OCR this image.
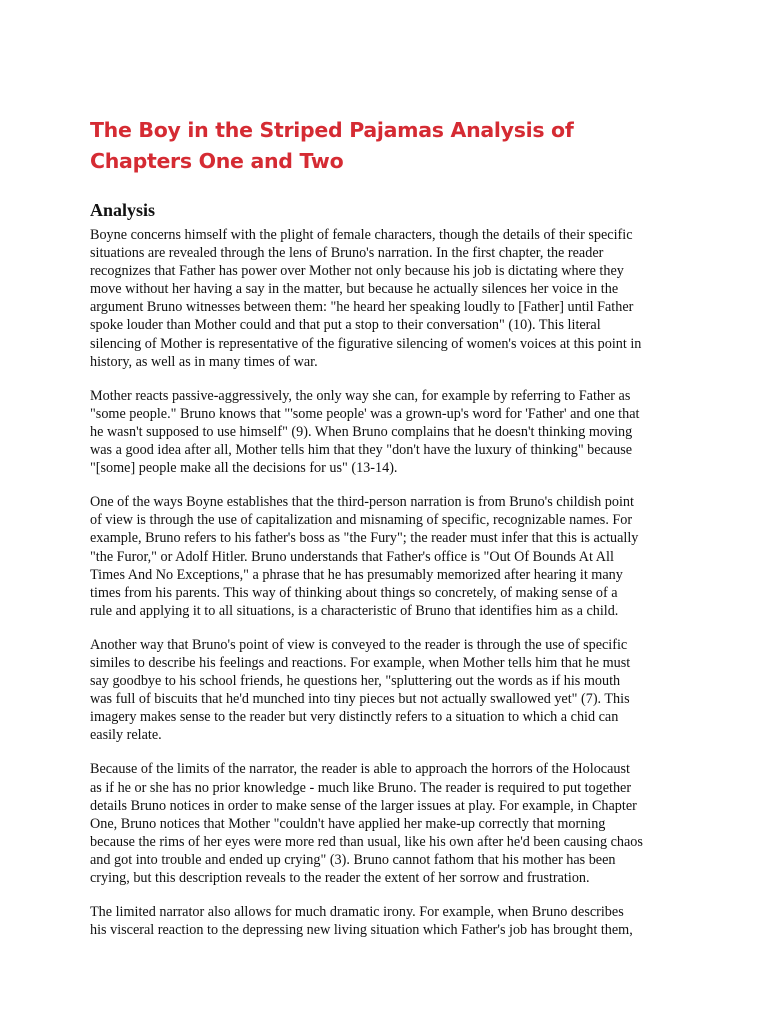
The Boy in the Striped Pajamas Analysis of Chapters One and Two
Analysis

Boyne concerns himself with the plight of female characters, though the details of their specific
situations are revealed through the lens of Bruno's narration. In the first chapter, the reader
recognizes that Father has power over Mother not only because his job is dictating where they
move without her having a say in the matter, but because he actually silences her voice in the
argument Bruno witnesses between them: "he heard her speaking loudly to [Father] until Father
spoke louder than Mother could and that put a stop to their conversation" (10). This literal
silencing of Mother is representative of the figurative silencing of women's voices at this point in
history, as well as in many times of war.

Mother reacts passive-aggressively, the only way she can, for example by referring to Father as
"some people." Bruno knows that "'some people' was a grown-up's word for 'Father' and one that
he wasn't supposed to use himself" (9). When Bruno complains that he doesn't thinking moving
was a good idea after all, Mother tells him that they "don't have the luxury of thinking" because
"[some] people make all the decisions for us" (13-14).

One of the ways Boyne establishes that the third-person narration is from Bruno's childish point
of view is through the use of capitalization and misnaming of specific, recognizable names. For
example, Bruno refers to his father's boss as "the Fury"; the reader must infer that this is actually
"the Furor," or Adolf Hitler. Bruno understands that Father's office is "Out Of Bounds At All
Times And No Exceptions," a phrase that he has presumably memorized after hearing it many
times from his parents. This way of thinking about things so concretely, of making sense of a
rule and applying it to all situations, is a characteristic of Bruno that identifies him as a child.

Another way that Bruno's point of view is conveyed to the reader is through the use of specific
similes to describe his feelings and reactions. For example, when Mother tells him that he must
say goodbye to his school friends, he questions her, "spluttering out the words as if his mouth
was full of biscuits that he'd munched into tiny pieces but not actually swallowed yet" (7). This
imagery makes sense to the reader but very distinctly refers to a situation to which a chid can
easily relate.

Because of the limits of the narrator, the reader is able to approach the horrors of the Holocaust
as if he or she has no prior knowledge - much like Bruno. The reader is required to put together
details Bruno notices in order to make sense of the larger issues at play. For example, in Chapter
One, Bruno notices that Mother "couldn't have applied her make-up correctly that morning
because the rims of her eyes were more red than usual, like his own after he'd been causing chaos
and got into trouble and ended up crying" (3). Bruno cannot fathom that his mother has been
crying, but this description reveals to the reader the extent of her sorrow and frustration.

The limited narrator also allows for much dramatic irony. For example, when Bruno describes
his visceral reaction to the depressing new living situation which Father's job has brought them,
